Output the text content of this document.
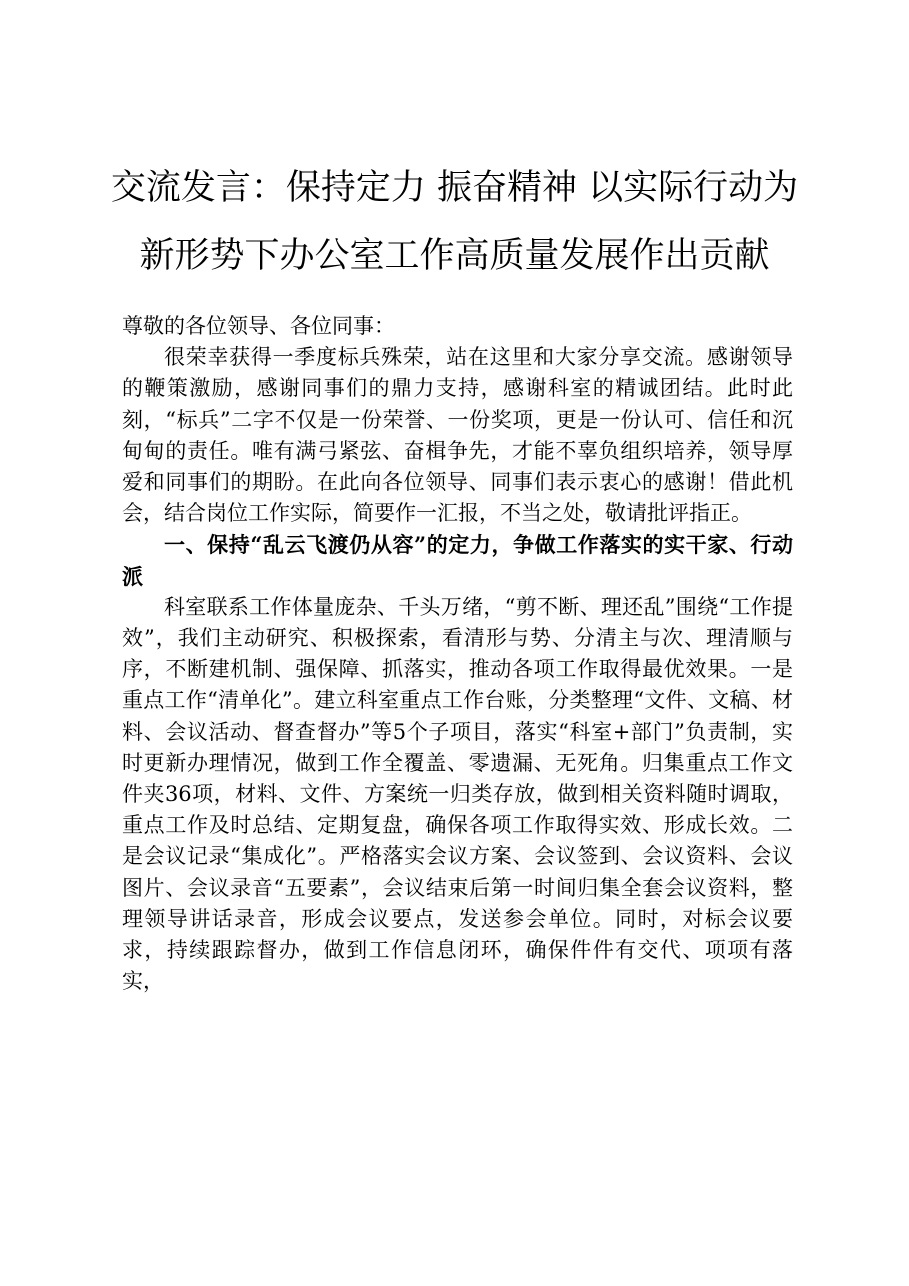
交流发言：保持定力 振奋精神 以实际行动为
新形势下办公室工作高质量发展作出贡献

尊敬的各位领导、各位同事：

很荣幸获得一季度标兵殊荣，站在这里和大家分享交流。感谢领导的鞭策激励，感谢同事们的鼎力支持，感谢科室的精诚团结。此时此刻，“标兵”二字不仅是一份荣誉、一份奖项，更是一份认可、信任和沉甸甸的责任。唯有满弓紧弦、奋楫争先，才能不辜负组织培养，领导厚爱和同事们的期盼。在此向各位领导、同事们表示衷心的感谢！借此机会，结合岗位工作实际，简要作一汇报，不当之处，敬请批评指正。

一、保持“乱云飞渡仍从容”的定力，争做工作落实的实干家、行动派

科室联系工作体量庞杂、千头万绪，“剪不断、理还乱”围绕“工作提效”，我们主动研究、积极探索，看清形与势、分清主与次、理清顺与序，不断建机制、强保障、抓落实，推动各项工作取得最优效果。一是重点工作“清单化”。建立科室重点工作台账，分类整理“文件、文稿、材料、会议活动、督查督办”等5个子项目，落实“科室+部门”负责制，实时更新办理情况，做到工作全覆盖、零遗漏、无死角。归集重点工作文件夹36项，材料、文件、方案统一归类存放，做到相关资料随时调取，重点工作及时总结、定期复盘，确保各项工作取得实效、形成长效。二是会议记录“集成化”。严格落实会议方案、会议签到、会议资料、会议图片、会议录音“五要素”，会议结束后第一时间归集全套会议资料，整理领导讲话录音，形成会议要点，发送参会单位。同时，对标会议要求，持续跟踪督办，做到工作信息闭环，确保件件有交代、项项有落实，
